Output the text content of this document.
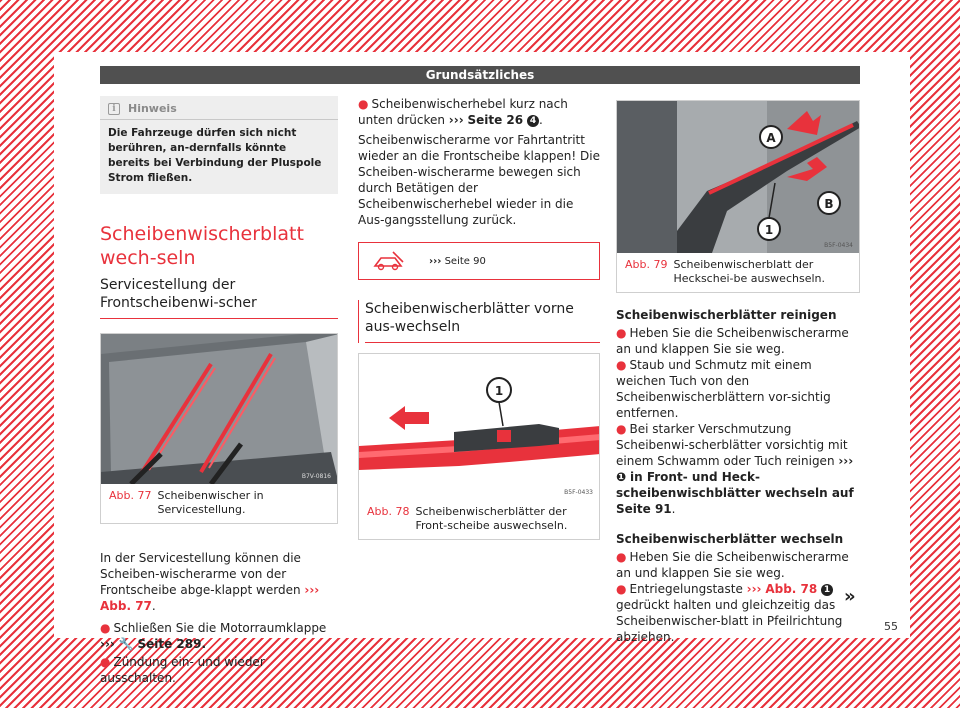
Grundsätzliches
i	Hinweis

Die Fahrzeuge dürfen sich nicht berühren, an-dernfalls könnte bereits bei Verbindung der Pluspole Strom fließen.

Scheibenwischerblatt wech-seln
Servicestellung der Frontscheibenwi-scher
B7V-0816
Abb. 77 Scheibenwischer in Servicestellung.

In der Servicestellung können die Scheiben-wischerarme von der Frontscheibe abge-klappt werden ››› Abb. 77.

● Schließen Sie die Motorraumklappe
››› 🔧 Seite 289.

● Zündung ein- und wieder ausschalten.

● Scheibenwischerhebel kurz nach unten drücken ››› Seite 26 4 .

Scheibenwischerarme vor Fahrtantritt wieder an die Frontscheibe klappen! Die Scheiben-wischerarme bewegen sich durch Betätigen der Scheibenwischerhebel wieder in die Aus-gangsstellung zurück.

››› Seite 90
Scheibenwischerblätter vorne aus-wechseln
1
B5F-0433
Abb. 78 Scheibenwischerblätter der Front-scheibe auswechseln.
A
B
1
B5F-0434
Abb. 79 Scheibenwischerblatt der Heckschei-be auswechseln.

Scheibenwischerblätter reinigen

● Heben Sie die Scheibenwischerarme an und klappen Sie sie weg.

● Staub und Schmutz mit einem weichen Tuch von den Scheibenwischerblättern vor-sichtig entfernen.

● Bei starker Verschmutzung Scheibenwi-scherblätter vorsichtig mit einem Schwamm oder Tuch reinigen ››› ❶ in Front- und Heck-scheibenwischblätter wechseln auf Seite 91.

Scheibenwischerblätter wechseln

● Heben Sie die Scheibenwischerarme an und klappen Sie sie weg.

● Entriegelungstaste ››› Abb. 78 1 gedrückt halten und gleichzeitig das Scheibenwischer-blatt in Pfeilrichtung abziehen.

»
55
